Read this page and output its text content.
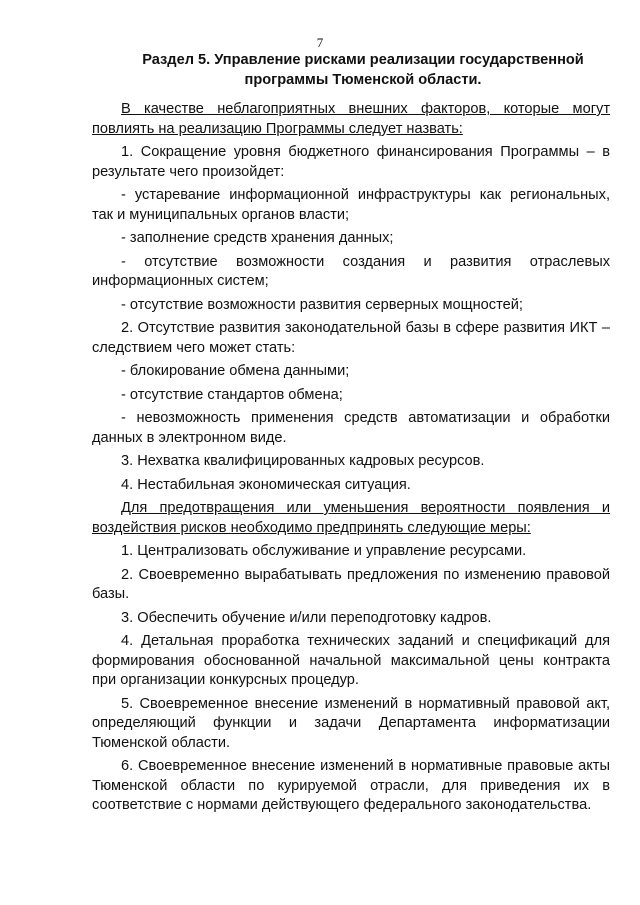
7
Раздел 5. Управление рисками реализации государственной программы Тюменской области.

В качестве неблагоприятных внешних факторов, которые могут повлиять на реализацию Программы следует назвать:

1. Сокращение уровня бюджетного финансирования Программы – в результате чего произойдет:

- устаревание информационной инфраструктуры как региональных, так и муниципальных органов власти;

- заполнение средств хранения данных;

- отсутствие возможности создания и развития отраслевых информационных систем;

- отсутствие возможности развития серверных мощностей;

2. Отсутствие развития законодательной базы в сфере развития ИКТ – следствием чего может стать:

- блокирование обмена данными;

- отсутствие стандартов обмена;

- невозможность применения средств автоматизации и обработки данных в электронном виде.

3. Нехватка квалифицированных кадровых ресурсов.

4. Нестабильная экономическая ситуация.

Для предотвращения или уменьшения вероятности появления и воздействия рисков необходимо предпринять следующие меры:

1. Централизовать обслуживание и управление ресурсами.

2. Своевременно вырабатывать предложения по изменению правовой базы.

3. Обеспечить обучение и/или переподготовку кадров.

4. Детальная проработка технических заданий и спецификаций для формирования обоснованной начальной максимальной цены контракта при организации конкурсных процедур.

5. Своевременное внесение изменений в нормативный правовой акт, определяющий функции и задачи Департамента информатизации Тюменской области.

6. Своевременное внесение изменений в нормативные правовые акты Тюменской области по курируемой отрасли, для приведения их в соответствие с нормами действующего федерального законодательства.
